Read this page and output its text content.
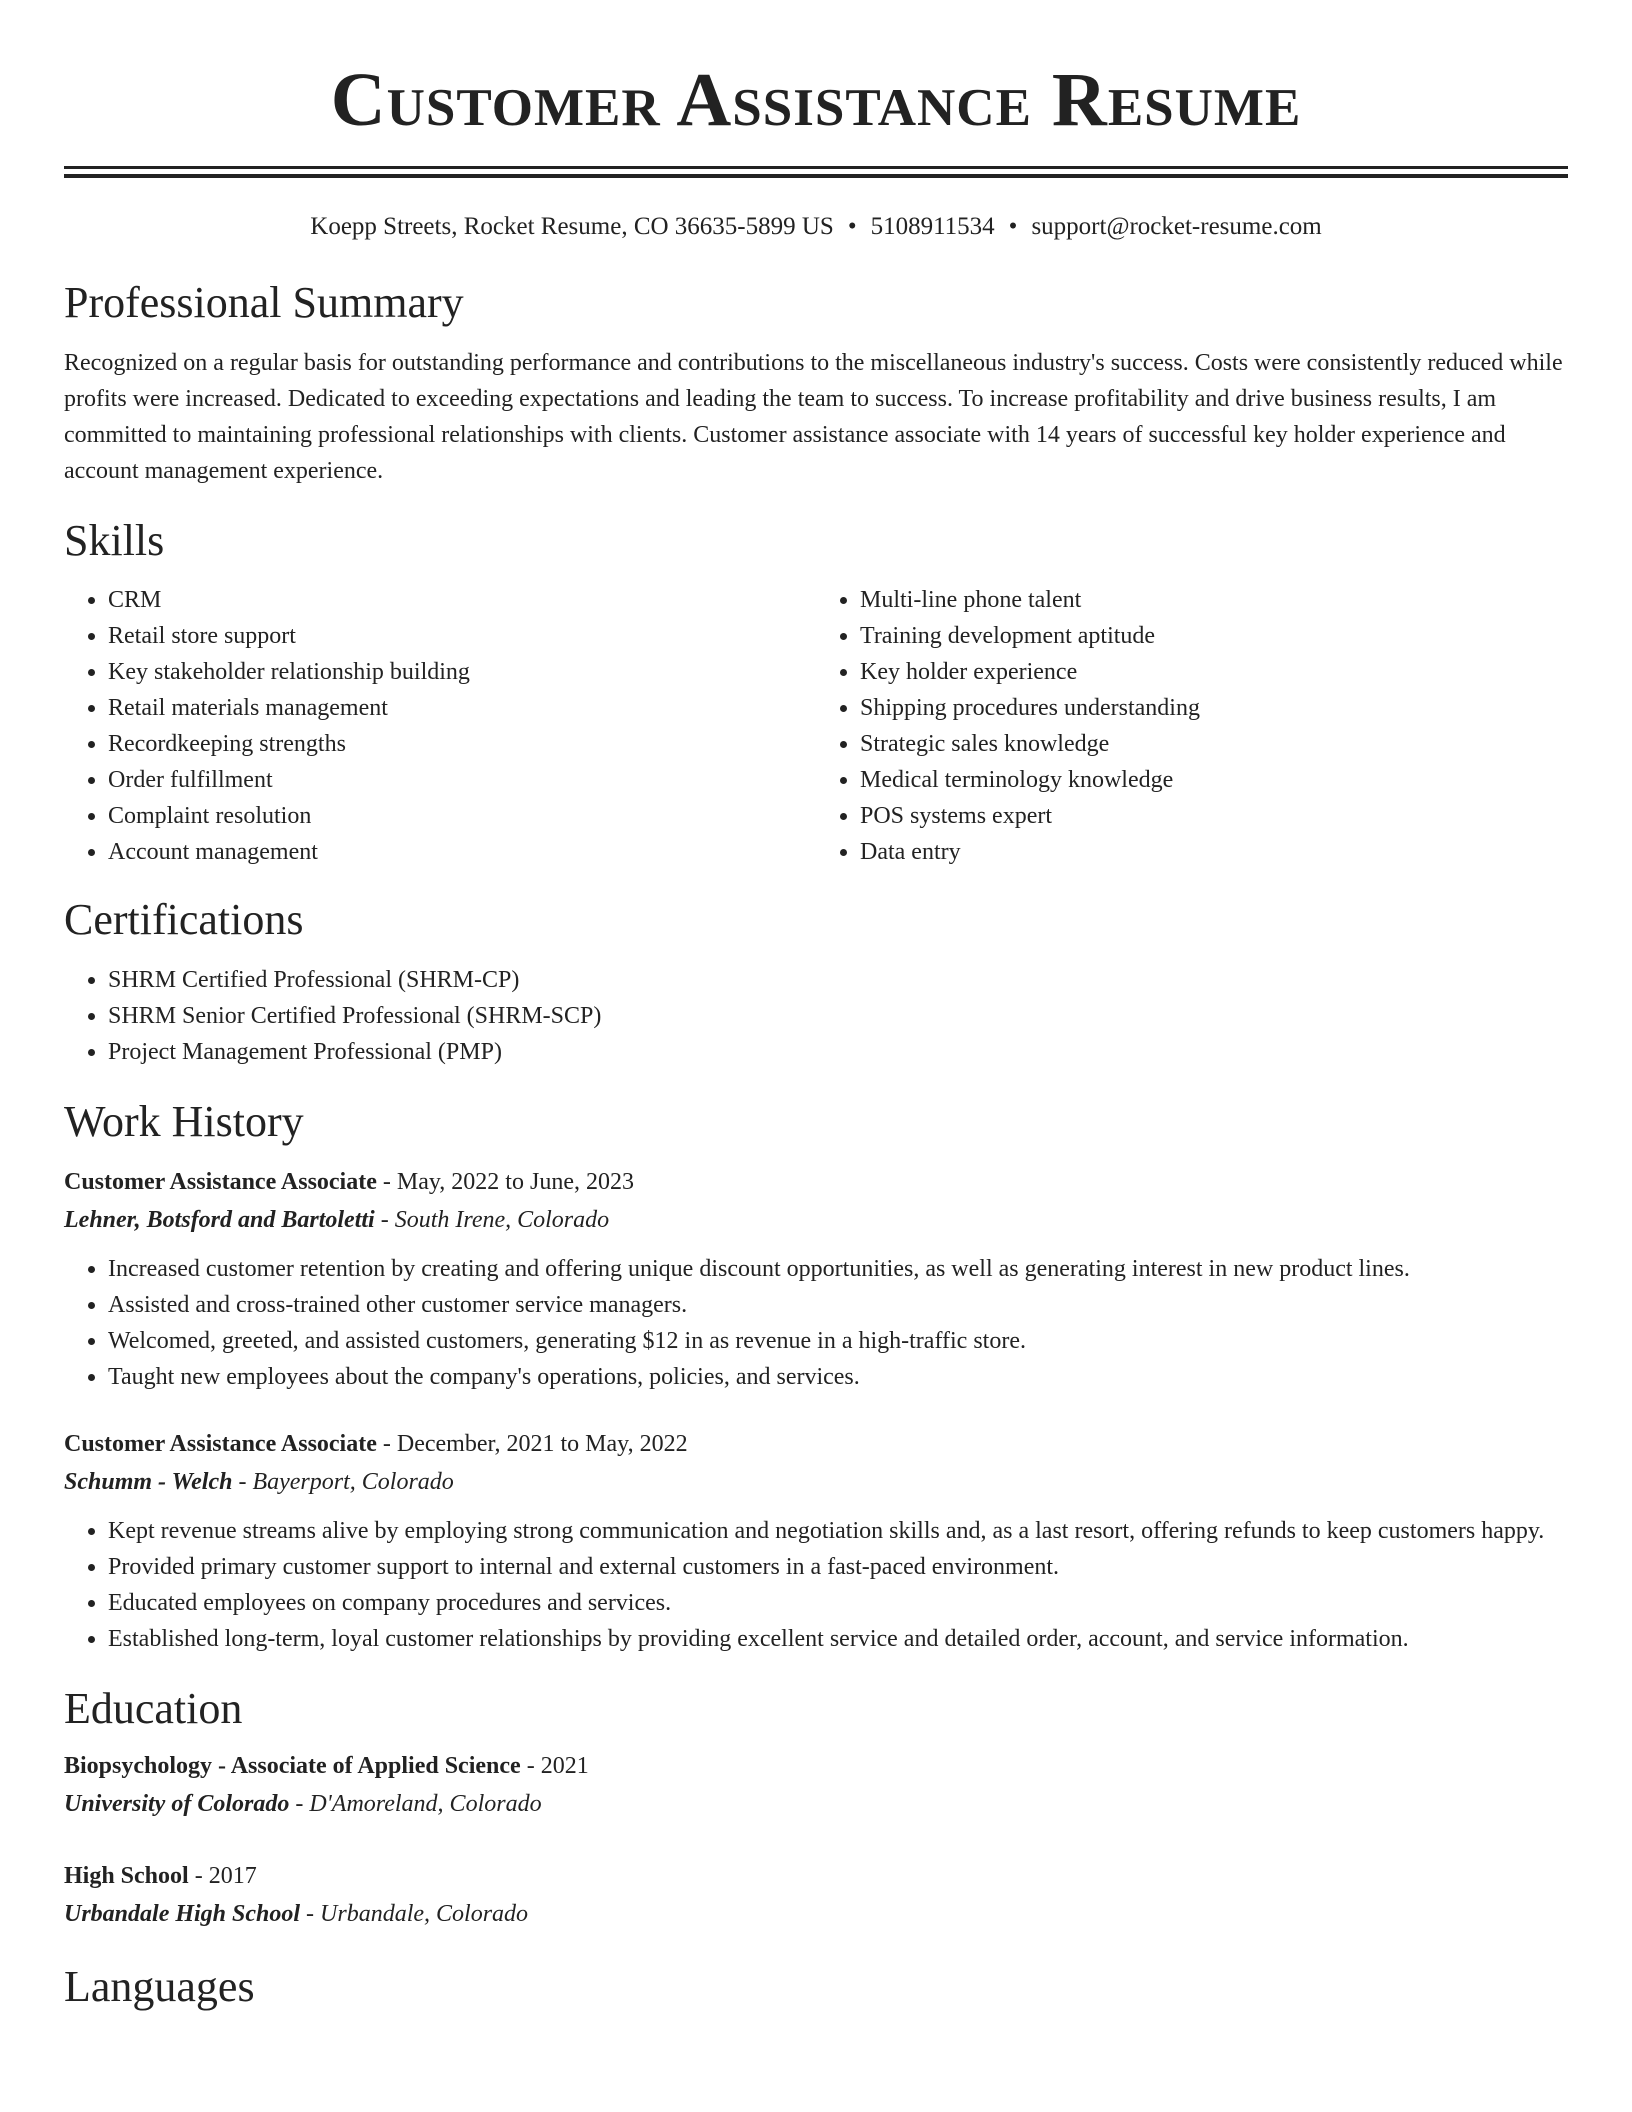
Customer Assistance Resume
Koepp Streets, Rocket Resume, CO 36635-5899 US • 5108911534 • support@rocket-resume.com
Professional Summary

Recognized on a regular basis for outstanding performance and contributions to the miscellaneous industry's success. Costs were consistently reduced while profits were increased. Dedicated to exceeding expectations and leading the team to success. To increase profitability and drive business results, I am committed to maintaining professional relationships with clients. Customer assistance associate with 14 years of successful key holder experience and account management experience.

Skills
• CRM
• Retail store support
• Key stakeholder relationship building
• Retail materials management
• Recordkeeping strengths
• Order fulfillment
• Complaint resolution
• Account management
• Multi-line phone talent
• Training development aptitude
• Key holder experience
• Shipping procedures understanding
• Strategic sales knowledge
• Medical terminology knowledge
• POS systems expert
• Data entry
Certifications
• SHRM Certified Professional (SHRM-CP)
• SHRM Senior Certified Professional (SHRM-SCP)
• Project Management Professional (PMP)
Work History
Customer Assistance Associate - May, 2022 to June, 2023
Lehner, Botsford and Bartoletti - South Irene, Colorado
• Increased customer retention by creating and offering unique discount opportunities, as well as generating interest in new product lines.
• Assisted and cross-trained other customer service managers.
• Welcomed, greeted, and assisted customers, generating $12 in as revenue in a high-traffic store.
• Taught new employees about the company's operations, policies, and services.
Customer Assistance Associate - December, 2021 to May, 2022
Schumm - Welch - Bayerport, Colorado
• Kept revenue streams alive by employing strong communication and negotiation skills and, as a last resort, offering refunds to keep customers happy.
• Provided primary customer support to internal and external customers in a fast-paced environment.
• Educated employees on company procedures and services.
• Established long-term, loyal customer relationships by providing excellent service and detailed order, account, and service information.
Education
Biopsychology - Associate of Applied Science - 2021
University of Colorado - D'Amoreland, Colorado
High School - 2017
Urbandale High School - Urbandale, Colorado
Languages
